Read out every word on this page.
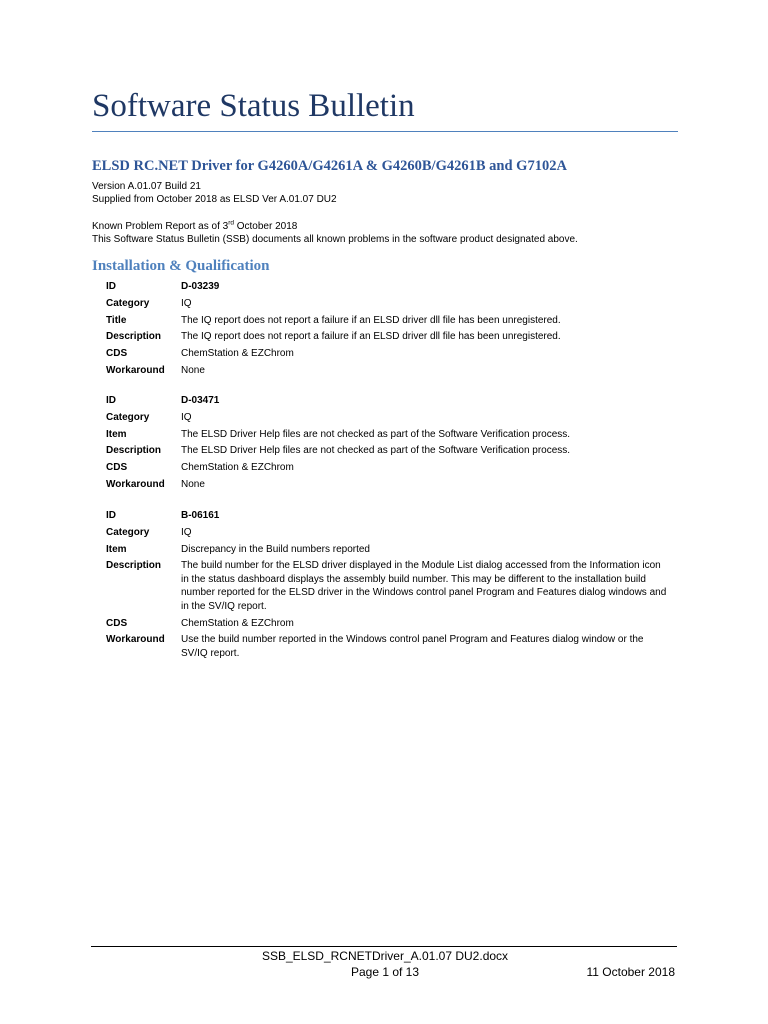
Software Status Bulletin
ELSD RC.NET Driver for G4260A/G4261A & G4260B/G4261B and G7102A
Version A.01.07 Build 21
Supplied from October 2018 as ELSD Ver A.01.07 DU2
Known Problem Report as of 3rd October 2018
This Software Status Bulletin (SSB) documents all known problems in the software product designated above.
Installation & Qualification
ID	D-03239
Category	IQ
Title	The IQ report does not report a failure if an ELSD driver dll file has been unregistered.
Description	The IQ report does not report a failure if an ELSD driver dll file has been unregistered.
CDS	ChemStation & EZChrom
Workaround	None
ID	D-03471
Category	IQ
Item	The ELSD Driver Help files are not checked as part of the Software Verification process.
Description	The ELSD Driver Help files are not checked as part of the Software Verification process.
CDS	ChemStation & EZChrom
Workaround	None
ID	B-06161
Category	IQ
Item	Discrepancy in the Build numbers reported
Description	The build number for the ELSD driver displayed in the Module List dialog accessed from the Information icon in the status dashboard displays the assembly build number. This may be different to the installation build number reported for the ELSD driver in the Windows control panel Program and Features dialog windows and in the SV/IQ report.
CDS	ChemStation & EZChrom
Workaround	Use the build number reported in the Windows control panel Program and Features dialog window or the SV/IQ report.
SSB_ELSD_RCNETDriver_A.01.07 DU2.docx
Page 1 of 13	11 October 2018
